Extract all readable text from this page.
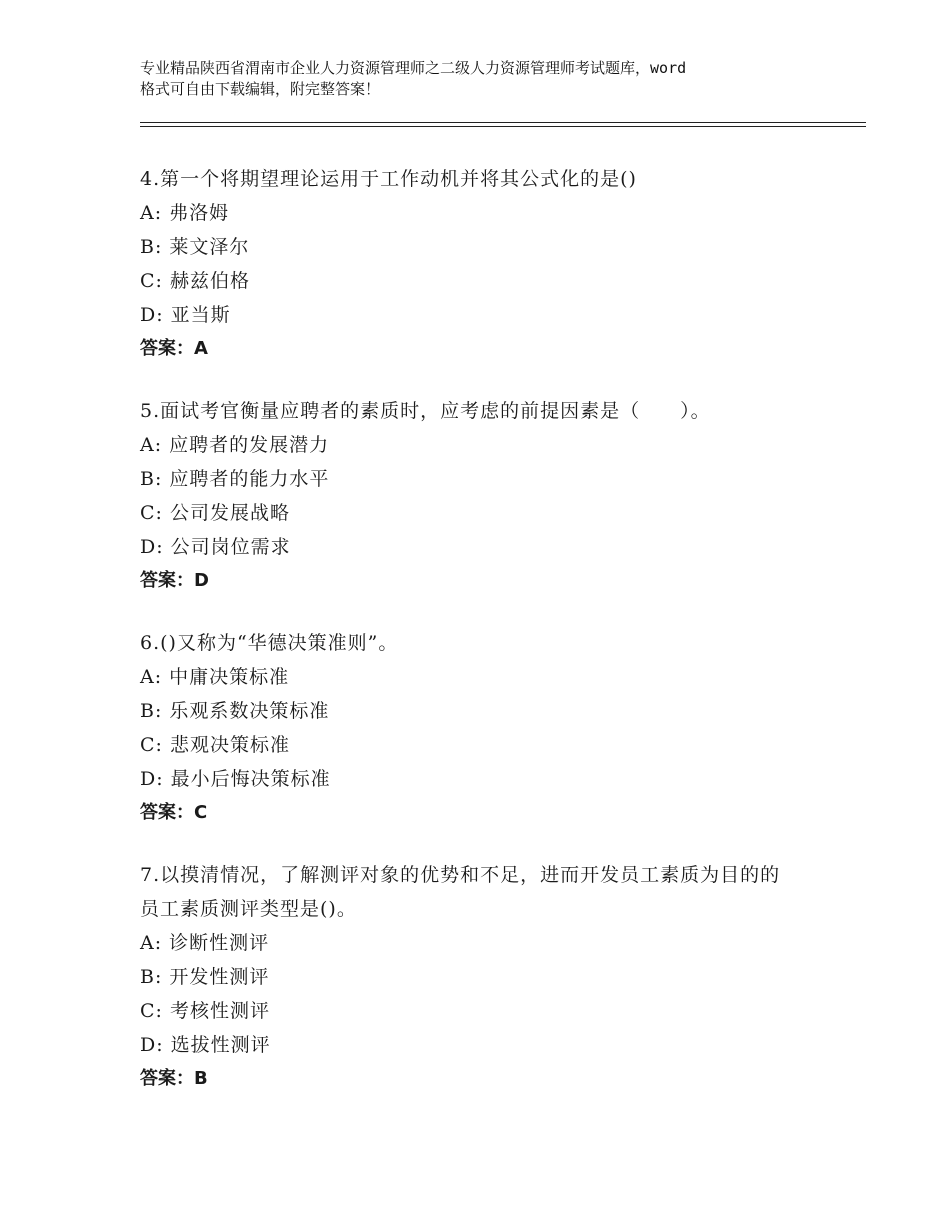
专业精品陕西省渭南市企业人力资源管理师之二级人力资源管理师考试题库，word
格式可自由下载编辑，附完整答案！
4.第一个将期望理论运用于工作动机并将其公式化的是()
A: 弗洛姆
B: 莱文泽尔
C: 赫兹伯格
D: 亚当斯
答案：A
5.面试考官衡量应聘者的素质时，应考虑的前提因素是（　　）。
A: 应聘者的发展潜力
B: 应聘者的能力水平
C: 公司发展战略
D: 公司岗位需求
答案：D
6.()又称为“华德决策准则”。
A: 中庸决策标准
B: 乐观系数决策标准
C: 悲观决策标准
D: 最小后悔决策标准
答案：C
7.以摸清情况，了解测评对象的优势和不足，进而开发员工素质为目的的员工素质测评类型是()。
A: 诊断性测评
B: 开发性测评
C: 考核性测评
D: 选拔性测评
答案：B
